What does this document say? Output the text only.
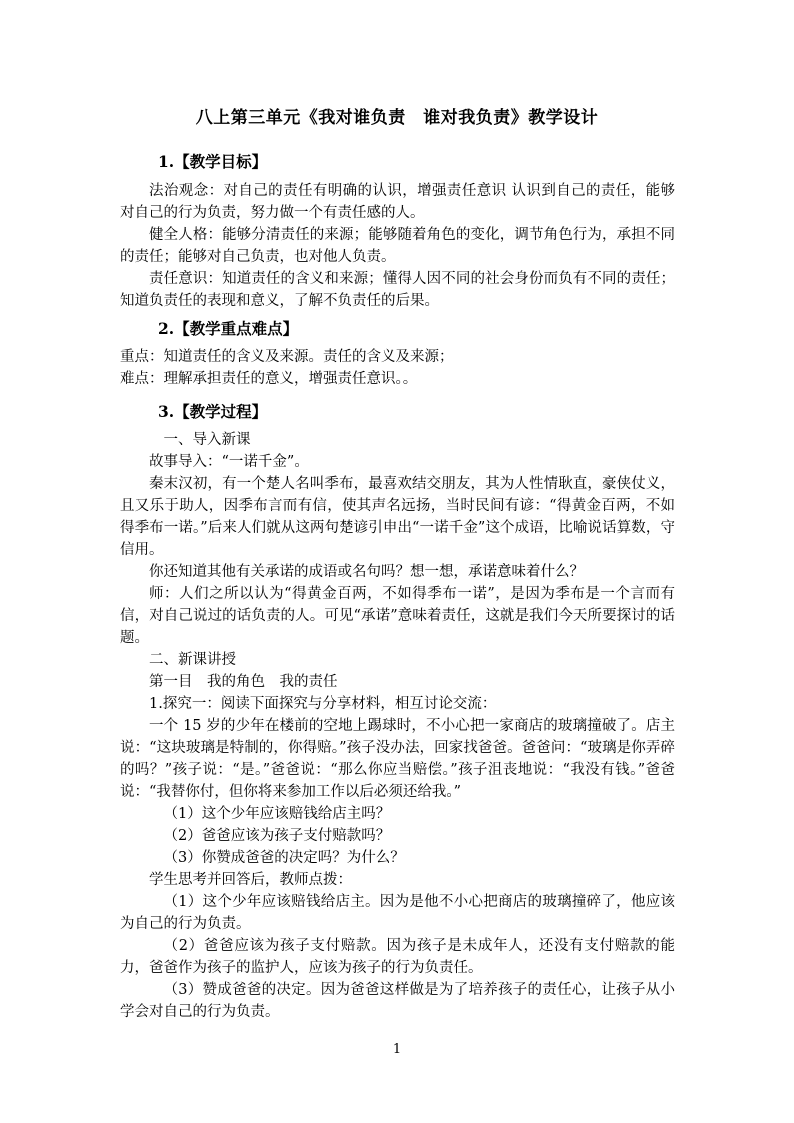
八上第三单元《我对谁负责　谁对我负责》教学设计
1.【教学目标】

法治观念：对自己的责任有明确的认识，增强责任意识 认识到自己的责任，能够对自己的行为负责，努力做一个有责任感的人。

健全人格：能够分清责任的来源；能够随着角色的变化，调节角色行为，承担不同的责任；能够对自己负责，也对他人负责。

责任意识：知道责任的含义和来源；懂得人因不同的社会身份而负有不同的责任；知道负责任的表现和意义，了解不负责任的后果。

2.【教学重点难点】

重点：知道责任的含义及来源。责任的含义及来源；

难点：理解承担责任的意义，增强责任意识。。

3.【教学过程】

一、导入新课

故事导入：“一诺千金”。

秦末汉初，有一个楚人名叫季布，最喜欢结交朋友，其为人性情耿直，豪侠仗义，且又乐于助人，因季布言而有信，使其声名远扬，当时民间有谚：“得黄金百两，不如得季布一诺。”后来人们就从这两句楚谚引申出“一诺千金”这个成语，比喻说话算数，守信用。

你还知道其他有关承诺的成语或名句吗？想一想，承诺意味着什么？

师：人们之所以认为“得黄金百两，不如得季布一诺”，是因为季布是一个言而有信，对自己说过的话负责的人。可见“承诺”意味着责任，这就是我们今天所要探讨的话题。

二、新课讲授

第一目　我的角色　我的责任

1.探究一：阅读下面探究与分享材料，相互讨论交流：

一个 15 岁的少年在楼前的空地上踢球时，不小心把一家商店的玻璃撞破了。店主说：“这块玻璃是特制的，你得赔。”孩子没办法，回家找爸爸。爸爸问：“玻璃是你弄碎的吗？”孩子说：“是。”爸爸说：“那么你应当赔偿。”孩子沮丧地说：“我没有钱。”爸爸说：“我替你付，但你将来参加工作以后必须还给我。”

（1）这个少年应该赔钱给店主吗？

（2）爸爸应该为孩子支付赔款吗？

（3）你赞成爸爸的决定吗？为什么？

学生思考并回答后，教师点拨：

（1）这个少年应该赔钱给店主。因为是他不小心把商店的玻璃撞碎了，他应该为自己的行为负责。

（2）爸爸应该为孩子支付赔款。因为孩子是未成年人，还没有支付赔款的能力，爸爸作为孩子的监护人，应该为孩子的行为负责任。

（3）赞成爸爸的决定。因为爸爸这样做是为了培养孩子的责任心，让孩子从小学会对自己的行为负责。

1
